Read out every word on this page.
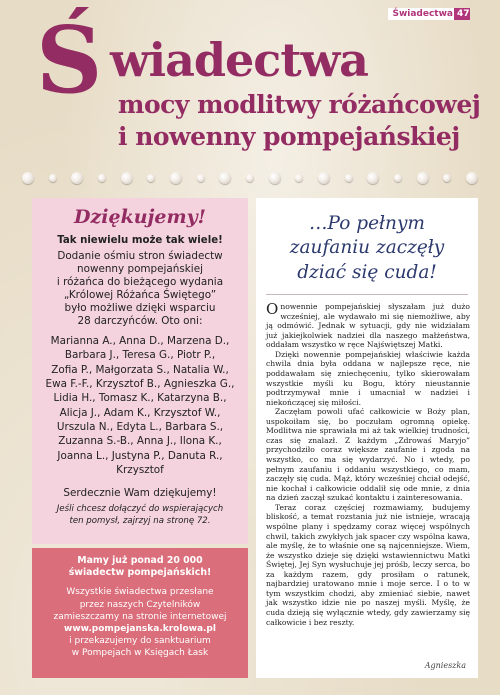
Świadectwa 47
Ś wiadectwa
mocy modlitwy różańcowej
i nowenny pompejańskiej
Dziękujemy!
Tak niewielu może tak wiele!
Dodanie ośmiu stron świadectw
nowenny pompejańskiej
i różańca do bieżącego wydania
„Królowej Różańca Świętego”
było możliwe dzięki wsparciu
28 darczyńców. Oto oni:
Marianna A., Anna D., Marzena D.,
Barbara J., Teresa G., Piotr P.,
Zofia P., Małgorzata S., Natalia W.,
Ewa F.-F., Krzysztof B., Agnieszka G.,
Lidia H., Tomasz K., Katarzyna B.,
Alicja J., Adam K., Krzysztof W.,
Urszula N., Edyta L., Barbara S.,
Zuzanna S.-B., Anna J., Ilona K.,
Joanna L., Justyna P., Danuta R.,
Krzysztof
Serdecznie Wam dziękujemy!
Jeśli chcesz dołączyć do wspierających
ten pomysł, zajrzyj na stronę 72.
Mamy już ponad 20 000
świadectw pompejańskich!
Wszystkie świadectwa przesłane
przez naszych Czytelników
zamieszczamy na stronie internetowej
www.pompejanska.krolowa.pl
i przekazujemy do sanktuarium
w Pompejach w Księgach Łask
…Po pełnym
zaufaniu zaczęły
dziać się cuda!

Onowennie pompejańskiej słyszałam już dużo wcześniej, ale wydawało mi się niemożliwe, aby ją odmówić. Jednak w sytuacji, gdy nie widziałam już jakiejkolwiek nadziei dla naszego małżeństwa, oddałam wszystko w ręce Najświętszej Matki.

Dzięki nowennie pompejańskiej właściwie każda chwila dnia była oddana w najlepsze ręce, nie poddawałam się zniechęceniu, tylko skierowałam wszystkie myśli ku Bogu, który nieustannie podtrzymywał mnie i umacniał w nadziei i niekończącej się miłości.

Zaczęłam powoli ufać całkowicie w Boży plan, uspokoiłam się, bo poczułam ogromną opiekę. Modlitwa nie sprawiała mi aż tak wielkiej trudności, czas się znalazł. Z każdym „Zdrowaś Maryjo” przychodziło coraz większe zaufanie i zgoda na wszystko, co ma się wydarzyć. No i wtedy, po pełnym zaufaniu i oddaniu wszystkiego, co mam, zaczęły się cuda. Mąż, który wcześniej chciał odejść, nie kochał i całkowicie oddalił się ode mnie, z dnia na dzień zaczął szukać kontaktu i zainteresowania.

Teraz coraz częściej rozmawiamy, budujemy bliskość, a temat rozstania już nie istnieje, wracają wspólne plany i spędzamy coraz więcej wspólnych chwil, takich zwykłych jak spacer czy wspólna kawa, ale myślę, że to właśnie one są najcenniejsze. Wiem, że wszystko dzieje się dzięki wstawiennictwu Matki Świętej, Jej Syn wysłuchuje jej próśb, leczy serca, bo za każdym razem, gdy prosiłam o ratunek, najbardziej uratowano mnie i moje serce. I o to w tym wszystkim chodzi, aby zmieniać siebie, nawet jak wszystko idzie nie po naszej myśli. Myślę, że cuda dzieją się wyłącznie wtedy, gdy zawierzamy się całkowicie i bez reszty.

Agnieszka
